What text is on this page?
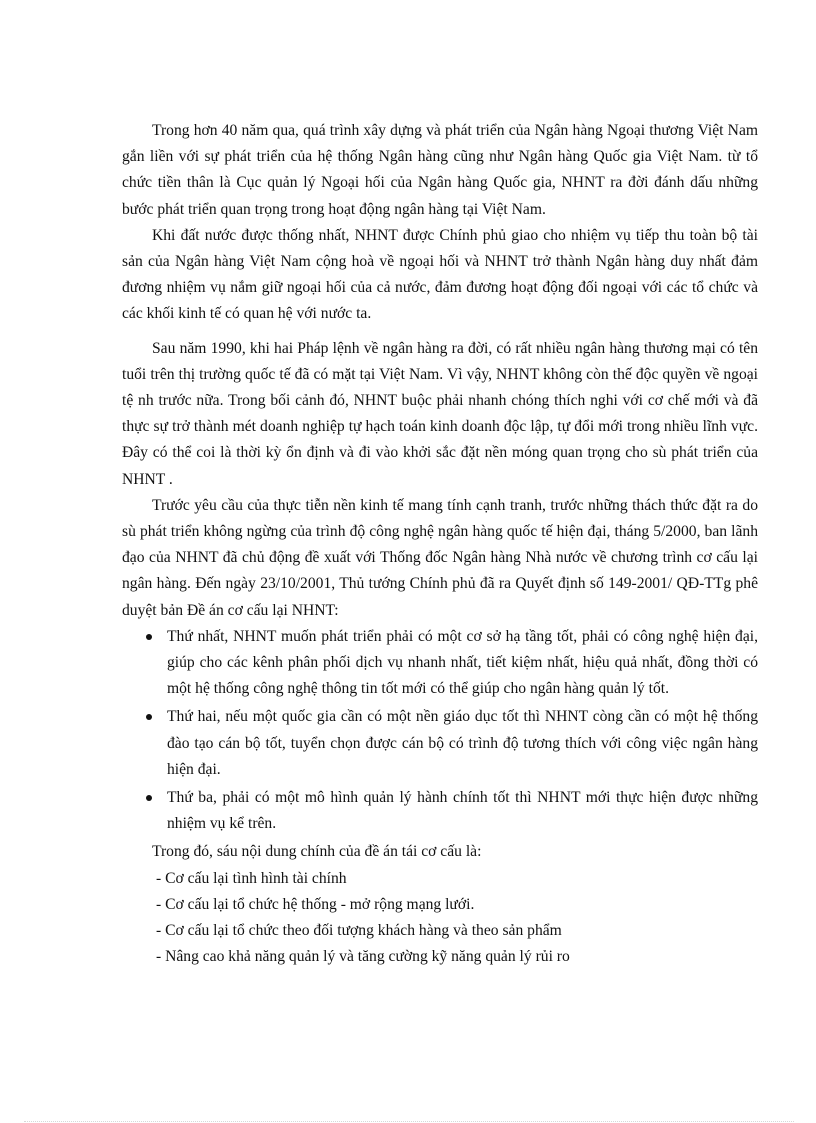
Trong hơn 40 năm qua, quá trình xây dựng và phát triển của Ngân hàng Ngoại thương Việt Nam gắn liền với sự phát triển của hệ thống Ngân hàng cũng như Ngân hàng Quốc gia Việt Nam. từ tổ chức tiền thân là Cục quản lý Ngoại hối của Ngân hàng Quốc gia, NHNT ra đời đánh dấu những bước phát triển quan trọng trong hoạt động ngân hàng tại Việt Nam.

Khi đất nước được thống nhất, NHNT được Chính phủ giao cho nhiệm vụ tiếp thu toàn bộ tài sản của Ngân hàng Việt Nam cộng hoà về ngoại hối và NHNT trở thành Ngân hàng duy nhất đảm đương nhiệm vụ nắm giữ ngoại hối của cả nước, đảm đương hoạt động đối ngoại với các tổ chức và các khối kinh tế có quan hệ với nước ta.

Sau năm 1990, khi hai Pháp lệnh về ngân hàng ra đời, có rất nhiều ngân hàng thương mại có tên tuổi trên thị trường quốc tế đã có mặt tại Việt Nam. Vì vậy, NHNT không còn thế độc quyền về ngoại tệ nh trước nữa. Trong bối cảnh đó, NHNT buộc phải nhanh chóng thích nghi với cơ chế mới và đã thực sự trở thành mét doanh nghiệp tự hạch toán kinh doanh độc lập, tự đổi mới trong nhiều lĩnh vực. Đây có thể coi là thời kỳ ổn định và đi vào khởi sắc đặt nền móng quan trọng cho sù phát triển của NHNT .

Trước yêu cầu của thực tiễn nền kinh tế mang tính cạnh tranh, trước những thách thức đặt ra do sù phát triển không ngừng của trình độ công nghệ ngân hàng quốc tế hiện đại, tháng 5/2000, ban lãnh đạo của NHNT đã chủ động đề xuất với Thống đốc Ngân hàng Nhà nước về chương trình cơ cấu lại ngân hàng. Đến ngày 23/10/2001, Thủ tướng Chính phủ đã ra Quyết định số 149-2001/ QĐ-TTg phê duyệt bản Đề án cơ cấu lại NHNT:

Thứ nhất, NHNT muốn phát triển phải có một cơ sở hạ tầng tốt, phải có công nghệ hiện đại, giúp cho các kênh phân phối dịch vụ nhanh nhất, tiết kiệm nhất, hiệu quả nhất, đồng thời có một hệ thống công nghệ thông tin tốt mới có thể giúp cho ngân hàng quản lý tốt.
Thứ hai, nếu một quốc gia cần có một nền giáo dục tốt thì NHNT còng cần có một hệ thống đào tạo cán bộ tốt, tuyển chọn được cán bộ có trình độ tương thích với công việc ngân hàng hiện đại.
Thứ ba, phải có một mô hình quản lý hành chính tốt thì NHNT mới thực hiện được những nhiệm vụ kể trên.

Trong đó, sáu nội dung chính của đề án tái cơ cấu là:

- Cơ cấu lại tình hình tài chính
- Cơ cấu lại tổ chức hệ thống - mở rộng mạng lưới.
- Cơ cấu lại tổ chức theo đối tượng khách hàng và theo sản phẩm
- Nâng cao khả năng quản lý và tăng cường kỹ năng quản lý rủi ro
